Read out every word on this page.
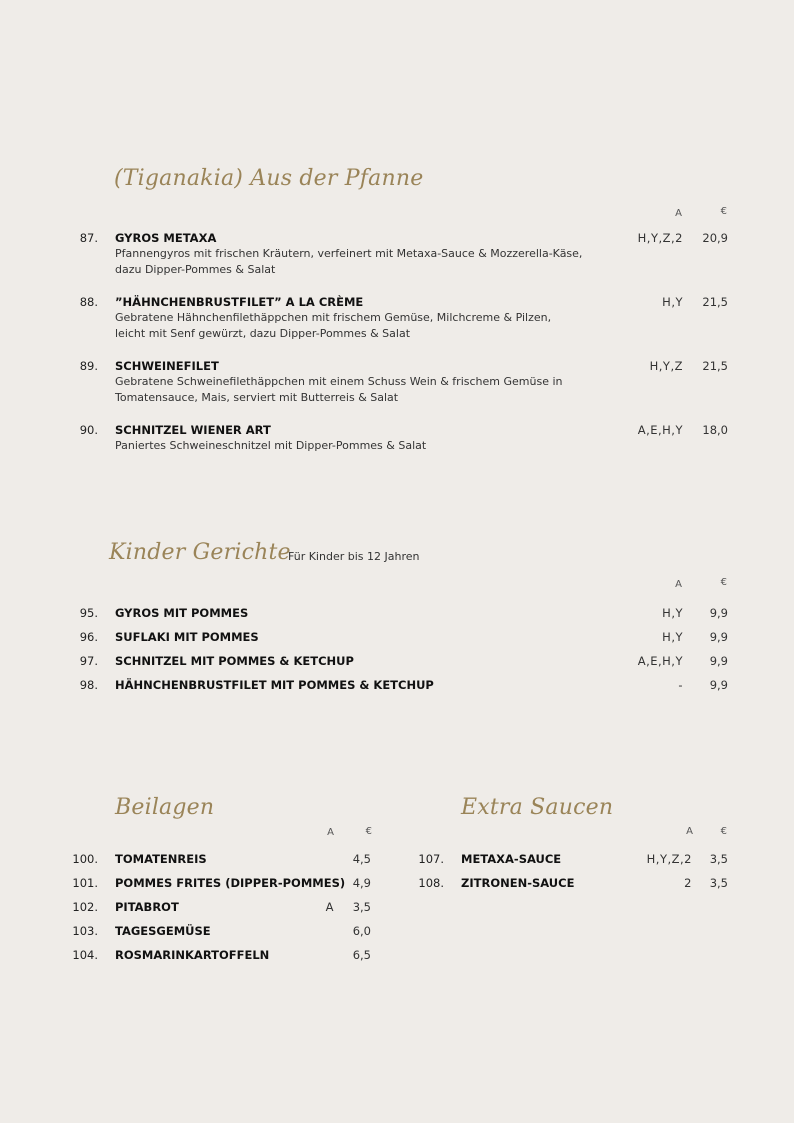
(Tiganakia) Aus der Pfanne
A	€
87. GYROS METAXA
Pfannengyros mit frischen Kräutern, verfeinert mit Metaxa-Sauce & Mozzerella-Käse,
dazu Dipper-Pommes & Salat
H,Y,Z,2	20,9
88. ”HÄHNCHENBRUSTFILET” A LA CRÈME
Gebratene Hähnchenfilethäppchen mit frischem Gemüse, Milchcreme & Pilzen,
leicht mit Senf gewürzt, dazu Dipper-Pommes & Salat
H,Y	21,5
89. SCHWEINEFILET
Gebratene Schweinefilethäppchen mit einem Schuss Wein & frischem Gemüse in
Tomatensauce, Mais, serviert mit Butterreis & Salat
H,Y,Z	21,5
90. SCHNITZEL WIENER ART
Paniertes Schweineschnitzel mit Dipper-Pommes & Salat
A,E,H,Y	18,0
Kinder Gerichte
Für Kinder bis 12 Jahren
A	€
95. GYROS MIT POMMES	H,Y	9,9
96. SUFLAKI MIT POMMES	H,Y	9,9
97. SCHNITZEL MIT POMMES & KETCHUP	A,E,H,Y	9,9
98. HÄHNCHENBRUSTFILET MIT POMMES & KETCHUP	-	9,9
Beilagen
A	€
100. TOMATENREIS	4,5
101. POMMES FRITES (DIPPER-POMMES) 4,9
102. PITABROT	A	3,5
103. TAGESGEMÜSE	6,0
104. ROSMARINKARTOFFELN	6,5
Extra Saucen
A	€
107. METAXA-SAUCE	H,Y,Z,2	3,5
108. ZITRONEN-SAUCE	2	3,5
